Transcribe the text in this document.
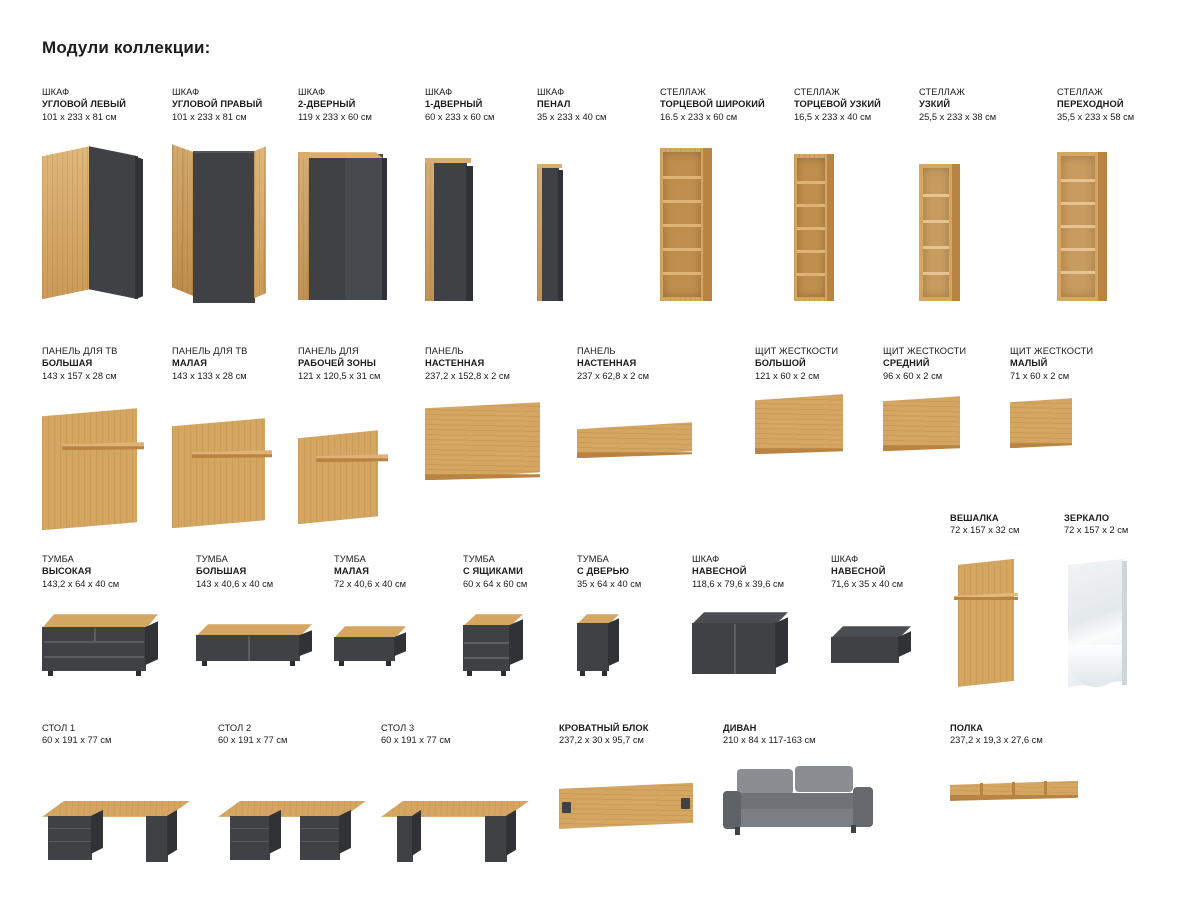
Модули коллекции:
ШКАФ
УГЛОВОЙ ЛЕВЫЙ
101 х 233 х 81 см
ШКАФ
УГЛОВОЙ ПРАВЫЙ
101 х 233 х 81 см
ШКАФ
2-ДВЕРНЫЙ
119 х 233 х 60 см
ШКАФ
1-ДВЕРНЫЙ
60 х 233 х 60 см
ШКАФ
ПЕНАЛ
35 х 233 х 40 см
СТЕЛЛАЖ
ТОРЦЕВОЙ ШИРОКИЙ
16.5 х 233 х 60 см
СТЕЛЛАЖ
ТОРЦЕВОЙ УЗКИЙ
16,5 х 233 х 40 см
СТЕЛЛАЖ
УЗКИЙ
25,5 х 233 х 38 см
СТЕЛЛАЖ
ПЕРЕХОДНОЙ
35,5 х 233 х 58 см
ПАНЕЛЬ ДЛЯ ТВ
БОЛЬШАЯ
143 х 157 х 28 см
ПАНЕЛЬ ДЛЯ ТВ
МАЛАЯ
143 х 133 х 28 см
ПАНЕЛЬ ДЛЯ
РАБОЧЕЙ ЗОНЫ
121 х 120,5 х 31 см
ПАНЕЛЬ
НАСТЕННАЯ
237,2 х 152,8 х 2 см
ПАНЕЛЬ
НАСТЕННАЯ
237 х 62,8 х 2 см
ЩИТ ЖЕСТКОСТИ
БОЛЬШОЙ
121 х 60 х 2 см
ЩИТ ЖЕСТКОСТИ
СРЕДНИЙ
96 х 60 х 2 см
ЩИТ ЖЕСТКОСТИ
МАЛЫЙ
71 х 60 х 2 см
ВЕШАЛКА
72 х 157 х 32 см
ЗЕРКАЛО
72 х 157 х 2 см
ТУМБА
ВЫСОКАЯ
143,2 х 64 х 40 см
ТУМБА
БОЛЬШАЯ
143 х 40,6 х 40 см
ТУМБА
МАЛАЯ
72 х 40,6 х 40 см
ТУМБА
С ЯЩИКАМИ
60 х 64 х 60 см
ТУМБА
С ДВЕРЬЮ
35 х 64 х 40 см
ШКАФ
НАВЕСНОЙ
118,6 х 79,6 х 39,6 см
ШКАФ
НАВЕСНОЙ
71,6 х 35 х 40 см
СТОЛ 1
60 х 191 х 77 см
СТОЛ 2
60 х 191 х 77 см
СТОЛ 3
60 х 191 х 77 см
КРОВАТНЫЙ БЛОК
237,2 х 30 х 95,7 см
ДИВАН
210 х 84 х 117-163 см
ПОЛКА
237,2 х 19,3 х 27,6 см
